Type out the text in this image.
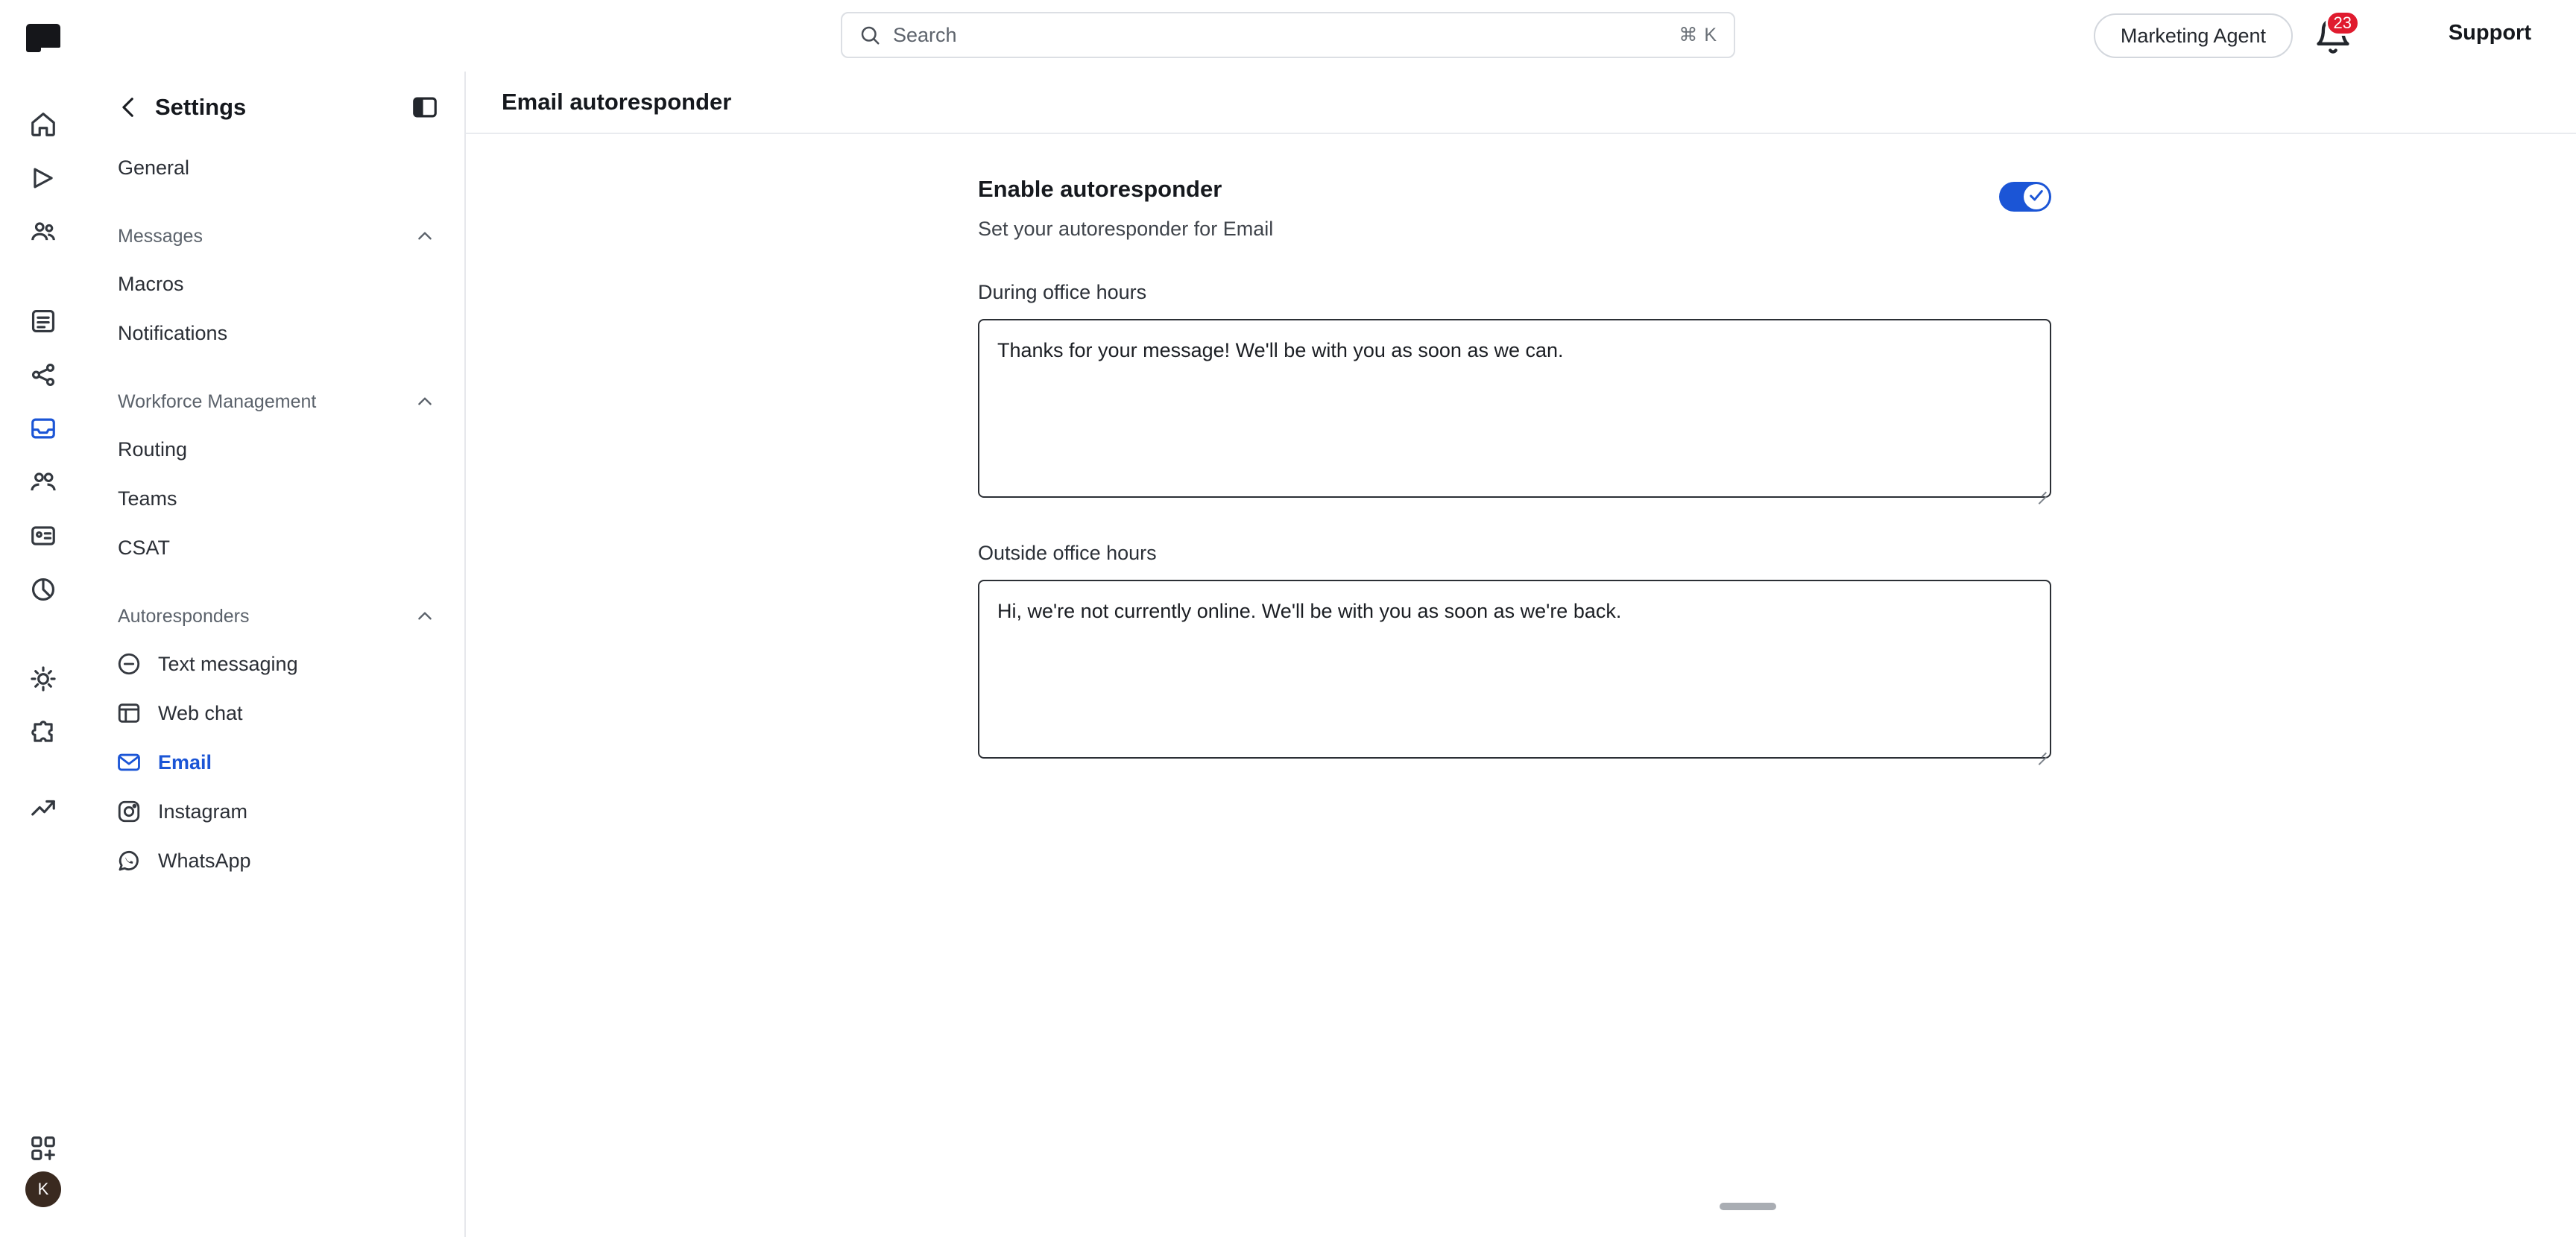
Search
⌘ K	Marketing Agent
23	Support
K
Settings
General
Messages
Macros
Notifications
Workforce Management
Routing
Teams
CSAT
Autoresponders
Text messaging
Web chat
Email
Instagram
WhatsApp
Email autoresponder
Enable autoresponder
Set your autoresponder for Email
During office hours
Thanks for your message! We'll be with you as soon as we can.
Outside office hours
Hi, we're not currently online. We'll be with you as soon as we're back.
